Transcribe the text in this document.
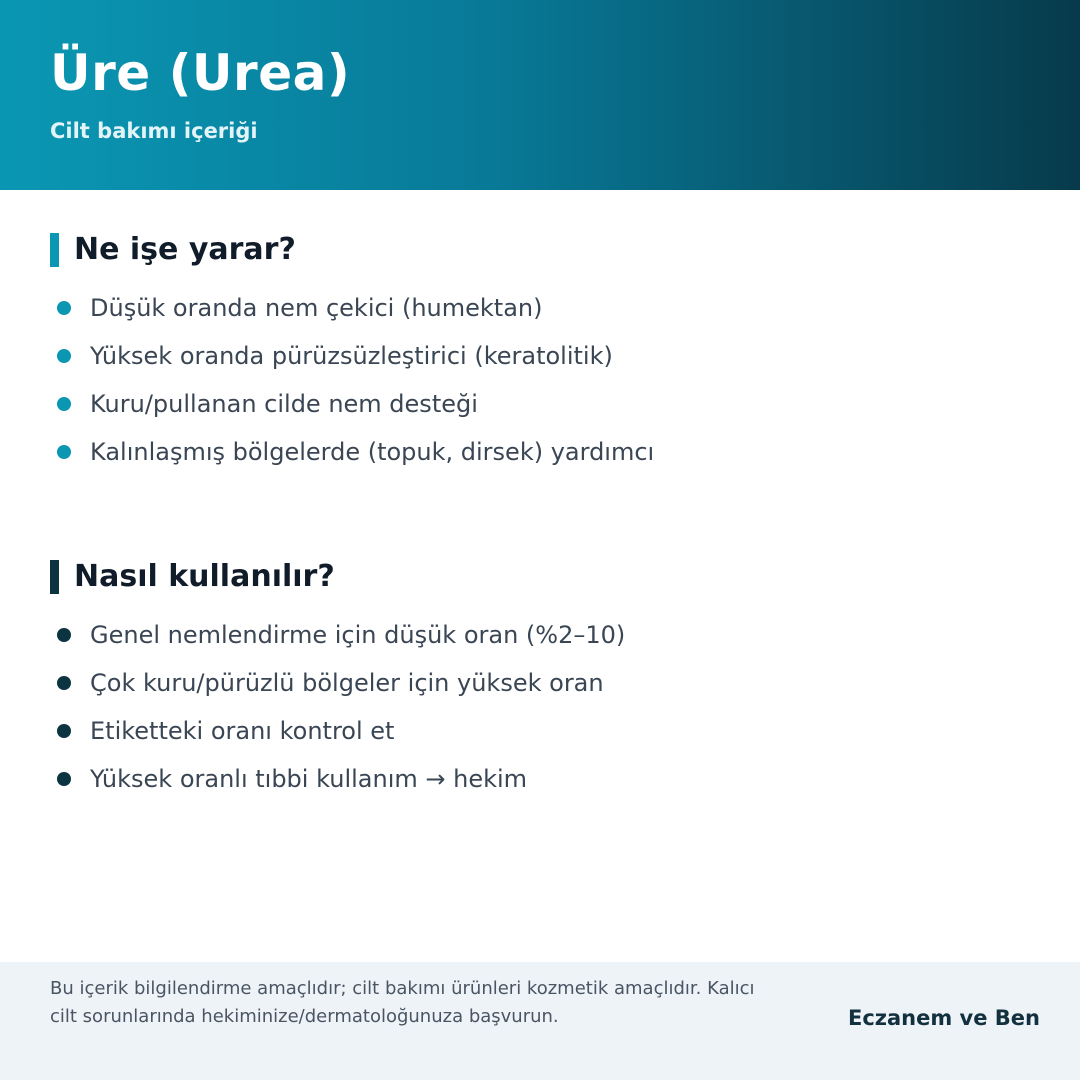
Üre (Urea)
Cilt bakımı içeriği
Ne işe yarar?
Düşük oranda nem çekici (humektan)
Yüksek oranda pürüzsüzleştirici (keratolitik)
Kuru/pullanan cilde nem desteği
Kalınlaşmış bölgelerde (topuk, dirsek) yardımcı
Nasıl kullanılır?
Genel nemlendirme için düşük oran (%2–10)
Çok kuru/pürüzlü bölgeler için yüksek oran
Etiketteki oranı kontrol et
Yüksek oranlı tıbbi kullanım → hekim
Bu içerik bilgilendirme amaçlıdır; cilt bakımı ürünleri kozmetik amaçlıdır. Kalıcı
cilt sorunlarında hekiminize/dermatoloğunuza başvurun.	Eczanem ve Ben
